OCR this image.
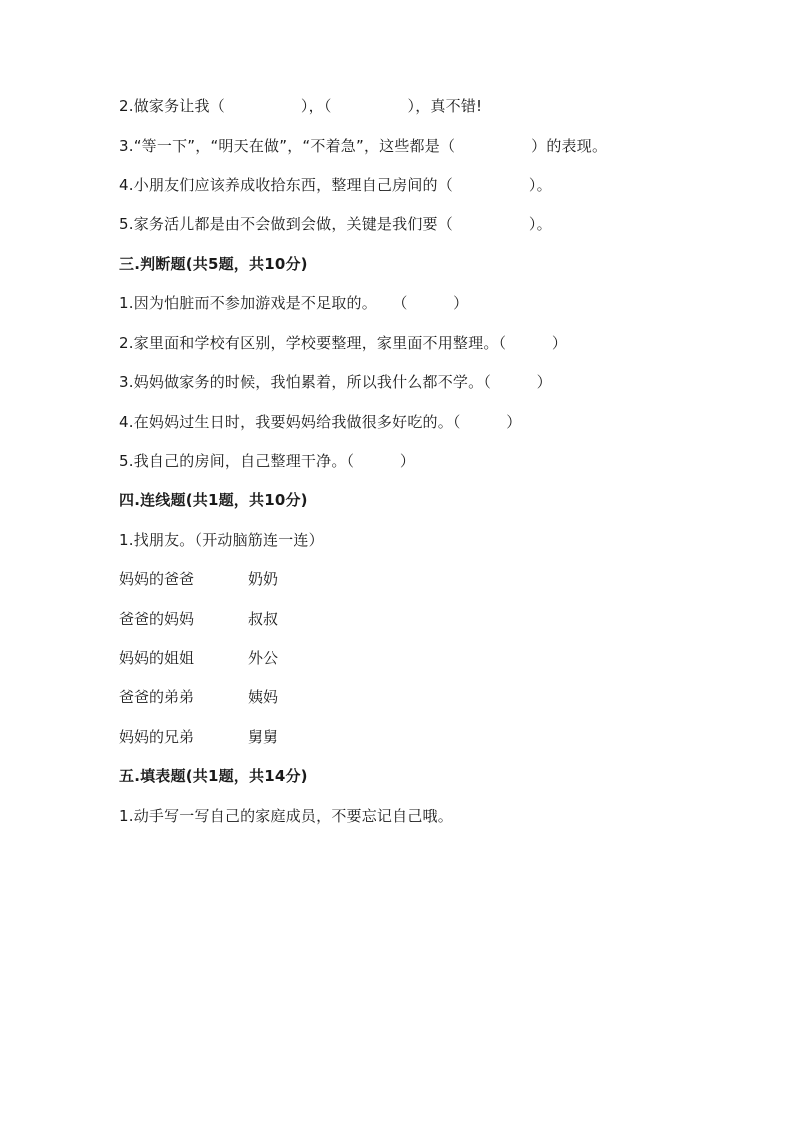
2.做家务让我（　　　　　），（　　　　　），真不错!
3.“等一下”，“明天在做”，“不着急”，这些都是（　　　　　）的表现。
4.小朋友们应该养成收拾东西，整理自己房间的（　　　　　）。
5.家务活儿都是由不会做到会做，关键是我们要（　　　　　）。
三.判断题(共5题，共10分)
1.因为怕脏而不参加游戏是不足取的。　　（　　　）
2.家里面和学校有区别，学校要整理，家里面不用整理。（　　　）
3.妈妈做家务的时候，我怕累着，所以我什么都不学。（　　　）
4.在妈妈过生日时，我要妈妈给我做很多好吃的。（　　　）
5.我自己的房间，自己整理干净。（　　　）
四.连线题(共1题，共10分)
1.找朋友。（开动脑筋连一连）
妈妈的爸爸	奶奶
爸爸的妈妈	叔叔
妈妈的姐姐	外公
爸爸的弟弟	姨妈
妈妈的兄弟	舅舅
五.填表题(共1题，共14分)
1.动手写一写自己的家庭成员，不要忘记自己哦。
